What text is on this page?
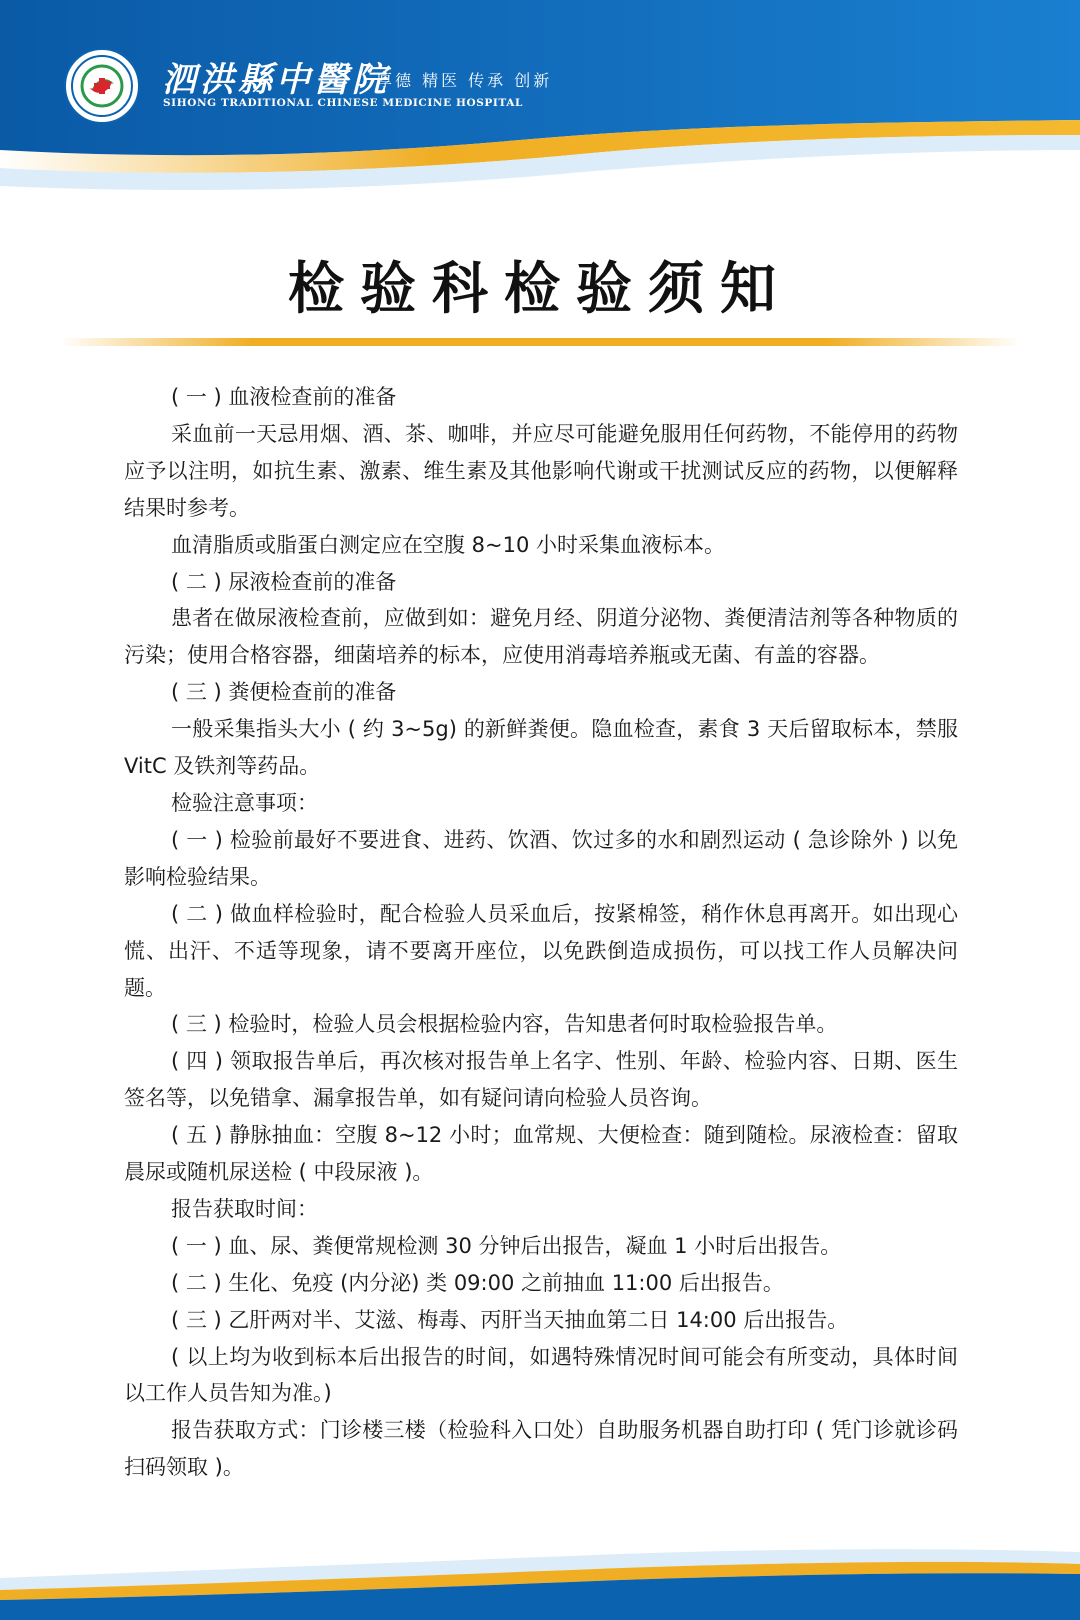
泗洪縣中醫院
厚德 精医 传承 创新
SIHONG TRADITIONAL CHINESE MEDICINE HOSPITAL
检验科检验须知

( 一 ) 血液检查前的准备

采血前一天忌用烟、酒、茶、咖啡，并应尽可能避免服用任何药物，不能停用的药物应予以注明，如抗生素、激素、维生素及其他影响代谢或干扰测试反应的药物，以便解释结果时参考。

血清脂质或脂蛋白测定应在空腹 8~10 小时采集血液标本。

( 二 ) 尿液检查前的准备

患者在做尿液检查前，应做到如：避免月经、阴道分泌物、粪便清洁剂等各种物质的污染；使用合格容器，细菌培养的标本，应使用消毒培养瓶或无菌、有盖的容器。

( 三 ) 粪便检查前的准备

一般采集指头大小 ( 约 3~5g) 的新鲜粪便。隐血检查，素食 3 天后留取标本，禁服 VitC 及铁剂等药品。

检验注意事项：

( 一 ) 检验前最好不要进食、进药、饮酒、饮过多的水和剧烈运动 ( 急诊除外 ) 以免影响检验结果。

( 二 ) 做血样检验时，配合检验人员采血后，按紧棉签，稍作休息再离开。如出现心慌、出汗、不适等现象，请不要离开座位，以免跌倒造成损伤，可以找工作人员解决问题。

( 三 ) 检验时，检验人员会根据检验内容，告知患者何时取检验报告单。

( 四 ) 领取报告单后，再次核对报告单上名字、性别、年龄、检验内容、日期、医生签名等，以免错拿、漏拿报告单，如有疑问请向检验人员咨询。

( 五 ) 静脉抽血：空腹 8~12 小时；血常规、大便检查：随到随检。尿液检查：留取晨尿或随机尿送检 ( 中段尿液 )。

报告获取时间：

( 一 ) 血、尿、粪便常规检测 30 分钟后出报告，凝血 1 小时后出报告。

( 二 ) 生化、免疫 (内分泌) 类 09:00 之前抽血 11:00 后出报告。

( 三 ) 乙肝两对半、艾滋、梅毒、丙肝当天抽血第二日 14:00 后出报告。

( 以上均为收到标本后出报告的时间，如遇特殊情况时间可能会有所变动，具体时间以工作人员告知为准。)

报告获取方式：门诊楼三楼（检验科入口处）自助服务机器自助打印 ( 凭门诊就诊码扫码领取 )。
